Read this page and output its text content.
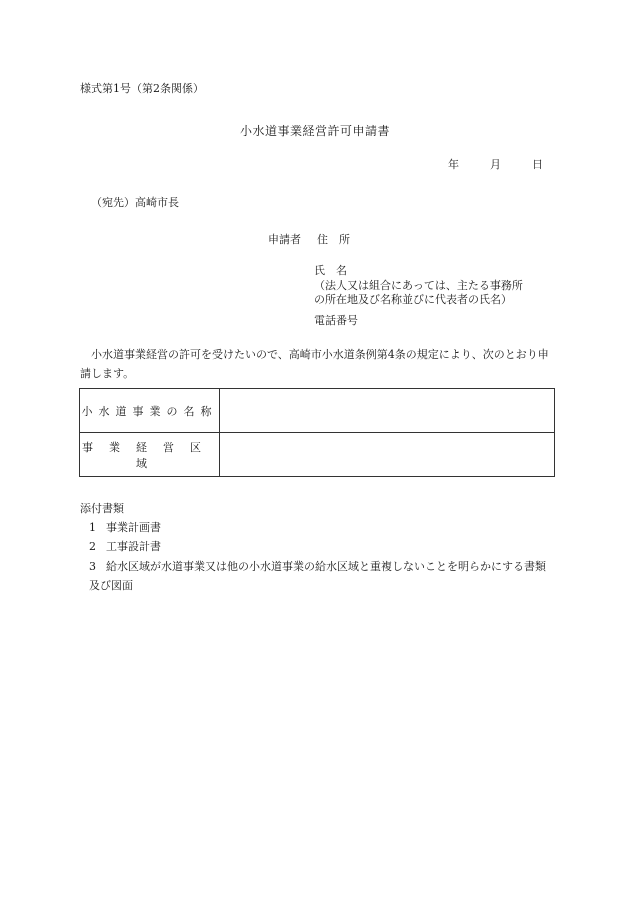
様式第1号（第2条関係）
小水道事業経営許可申請書
年	月	日
（宛先）高崎市長
申請者 住　所
氏　名
（法人又は組合にあっては、主たる事務所
の所在地及び名称並びに代表者の氏名）
電話番号
小水道事業経営の許可を受けたいので、高崎市小水道条例第4条の規定により、次のとおり申請します。
小水道事業の名称	
事業経営区域	
添付書類
1 事業計画書
2 工事設計書
3 給水区域が水道事業又は他の小水道事業の給水区域と重複しないことを明らかにする書類及び図面
